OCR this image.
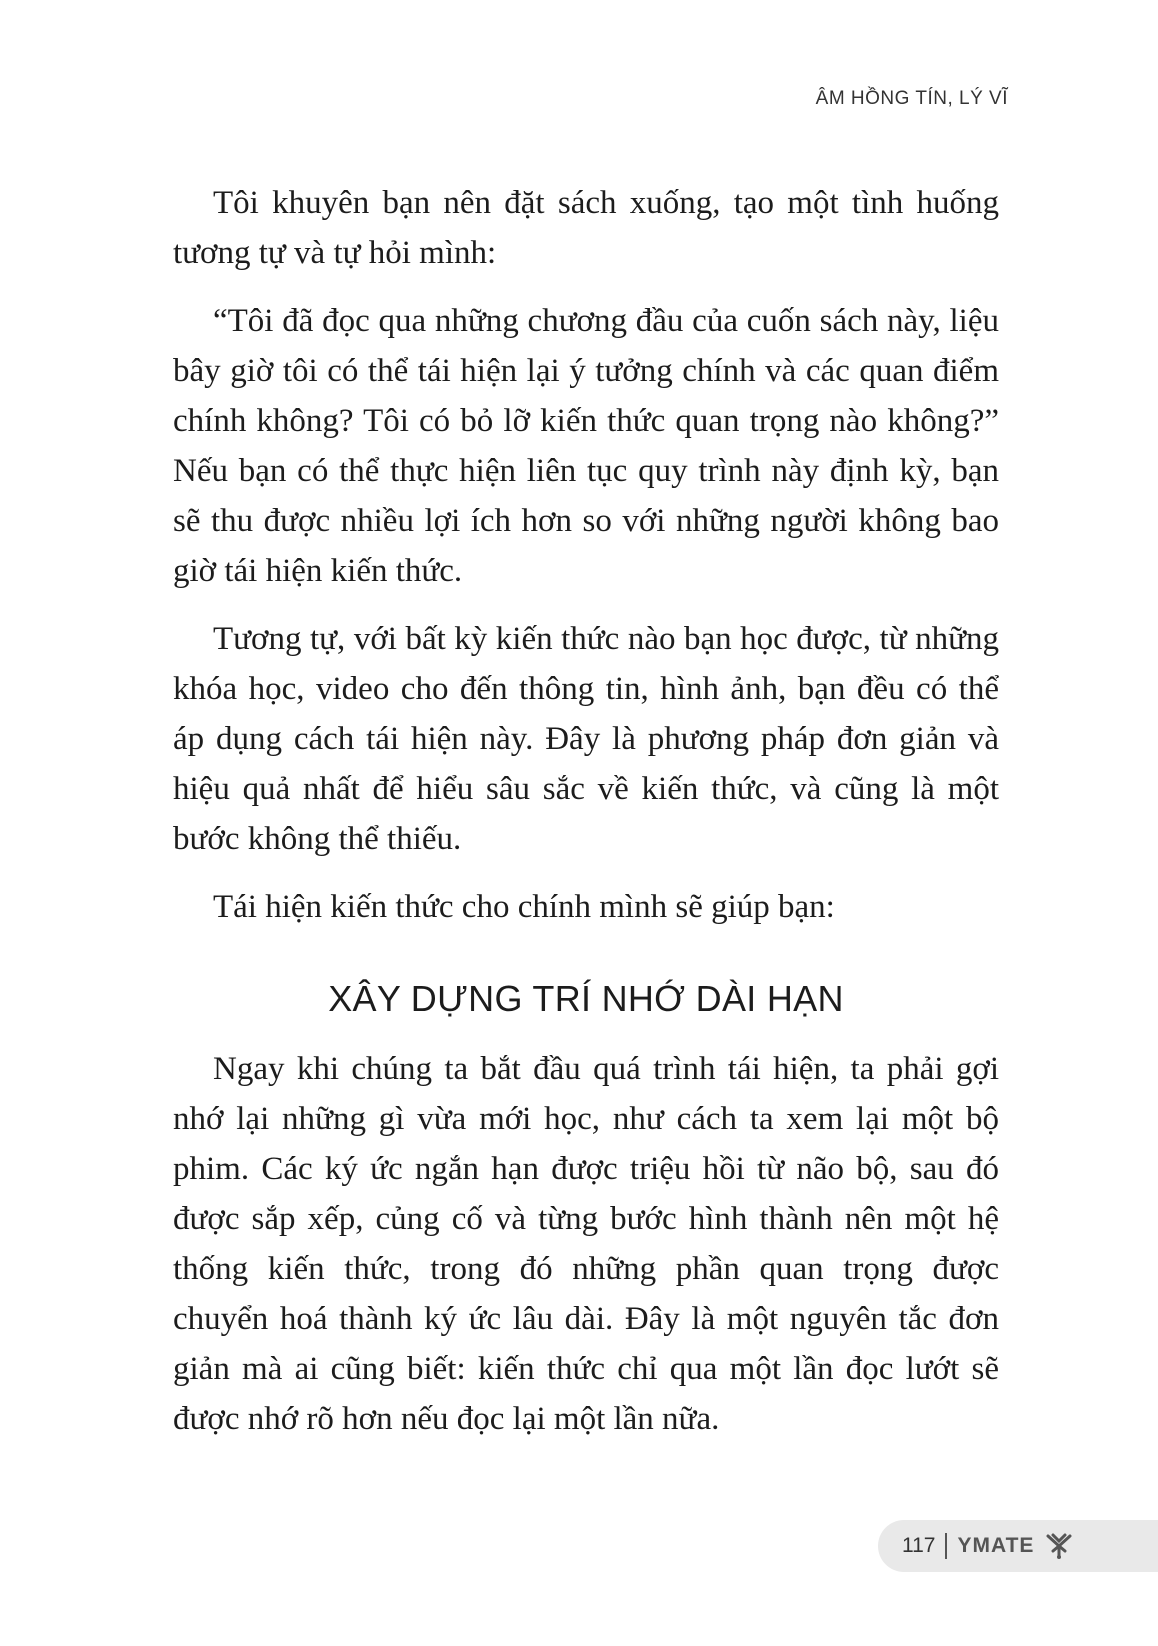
ÂM HỒNG TÍN, LÝ VĨ

Tôi khuyên bạn nên đặt sách xuống, tạo một tình huống tương tự và tự hỏi mình:

“Tôi đã đọc qua những chương đầu của cuốn sách này, liệu bây giờ tôi có thể tái hiện lại ý tưởng chính và các quan điểm chính không? Tôi có bỏ lỡ kiến thức quan trọng nào không?” Nếu bạn có thể thực hiện liên tục quy trình này định kỳ, bạn sẽ thu được nhiều lợi ích hơn so với những người không bao giờ tái hiện kiến thức.

Tương tự, với bất kỳ kiến thức nào bạn học được, từ những khóa học, video cho đến thông tin, hình ảnh, bạn đều có thể áp dụng cách tái hiện này. Đây là phương pháp đơn giản và hiệu quả nhất để hiểu sâu sắc về kiến thức, và cũng là một bước không thể thiếu.

Tái hiện kiến thức cho chính mình sẽ giúp bạn:

XÂY DỰNG TRÍ NHỚ DÀI HẠN

Ngay khi chúng ta bắt đầu quá trình tái hiện, ta phải gợi nhớ lại những gì vừa mới học, như cách ta xem lại một bộ phim. Các ký ức ngắn hạn được triệu hồi từ não bộ, sau đó được sắp xếp, củng cố và từng bước hình thành nên một hệ thống kiến thức, trong đó những phần quan trọng được chuyển hoá thành ký ức lâu dài. Đây là một nguyên tắc đơn giản mà ai cũng biết: kiến thức chỉ qua một lần đọc lướt sẽ được nhớ rõ hơn nếu đọc lại một lần nữa.

117 YMATE
